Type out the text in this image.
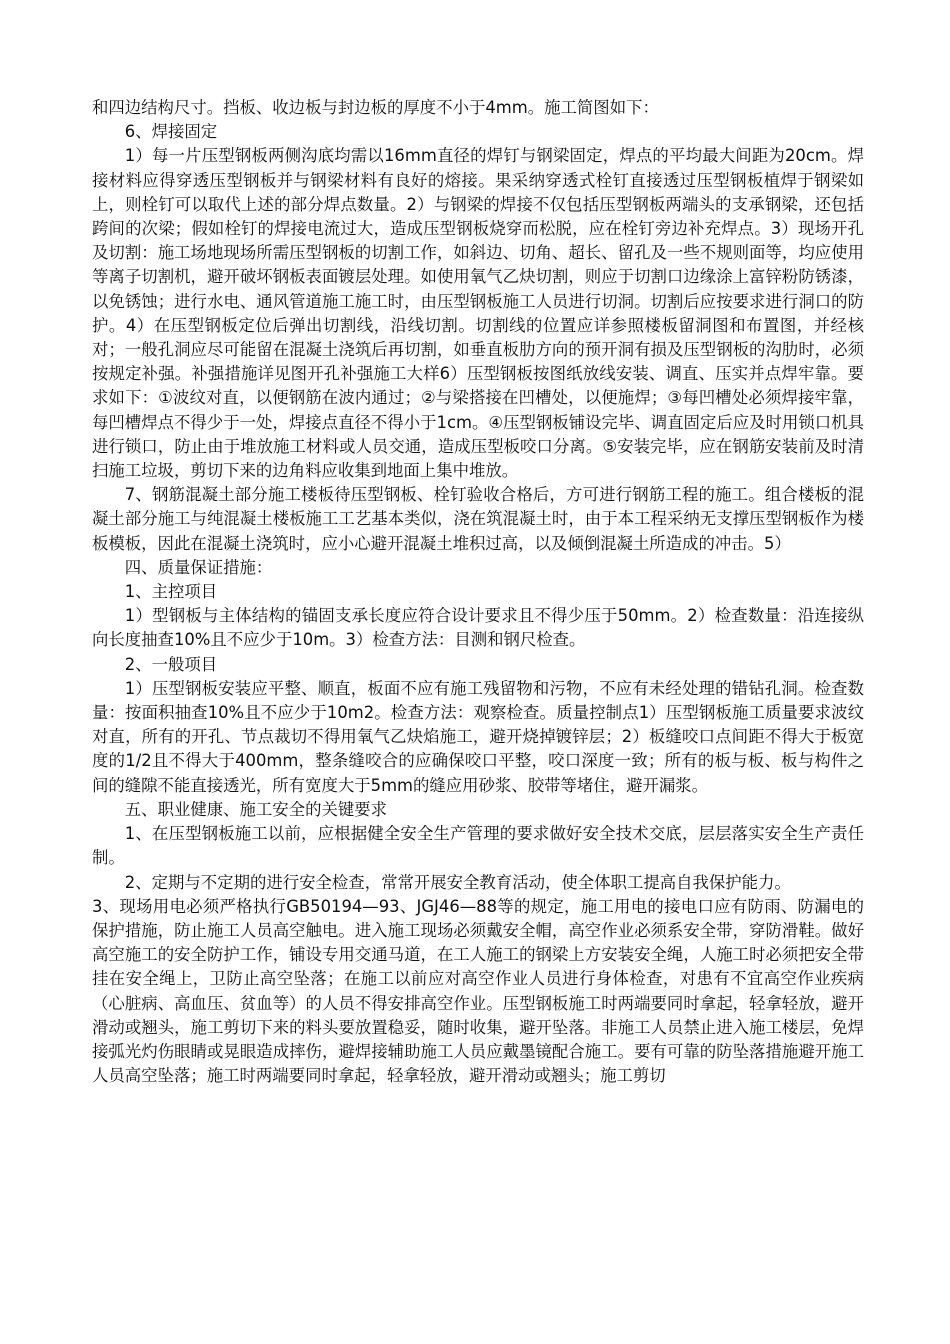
和四边结构尺寸。挡板、收边板与封边板的厚度不小于4mm。施工简图如下：

6、焊接固定

1）每一片压型钢板两侧沟底均需以16mm直径的焊钉与钢梁固定，焊点的平均最大间距为20cm。焊接材料应得穿透压型钢板并与钢梁材料有良好的熔接。果采纳穿透式栓钉直接透过压型钢板植焊于钢梁如上，则栓钉可以取代上述的部分焊点数量。2）与钢梁的焊接不仅包括压型钢板两端头的支承钢梁，还包括跨间的次梁；假如栓钉的焊接电流过大，造成压型钢板烧穿而松脱，应在栓钉旁边补充焊点。3）现场开孔及切割：施工场地现场所需压型钢板的切割工作，如斜边、切角、超长、留孔及一些不规则面等，均应使用等离子切割机，避开破坏钢板表面镀层处理。如使用氧气乙炔切割，则应于切割口边缘涂上富锌粉防锈漆，以免锈蚀；进行水电、通风管道施工施工时，由压型钢板施工人员进行切洞。切割后应按要求进行洞口的防护。4）在压型钢板定位后弹出切割线，沿线切割。切割线的位置应详参照楼板留洞图和布置图，并经核对；一般孔洞应尽可能留在混凝土浇筑后再切割，如垂直板肋方向的预开洞有损及压型钢板的沟肋时，必须按规定补强。补强措施详见图开孔补强施工大样6）压型钢板按图纸放线安装、调直、压实并点焊牢靠。要求如下：①波纹对直，以便钢筋在波内通过；②与梁搭接在凹槽处，以便施焊；③每凹槽处必须焊接牢靠，每凹槽焊点不得少于一处，焊接点直径不得小于1cm。④压型钢板铺设完毕、调直固定后应及时用锁口机具进行锁口，防止由于堆放施工材料或人员交通，造成压型板咬口分离。⑤安装完毕，应在钢筋安装前及时清扫施工垃圾，剪切下来的边角料应收集到地面上集中堆放。

7、钢筋混凝土部分施工楼板待压型钢板、栓钉验收合格后，方可进行钢筋工程的施工。组合楼板的混凝土部分施工与纯混凝土楼板施工工艺基本类似，浇在筑混凝土时，由于本工程采纳无支撑压型钢板作为楼板模板，因此在混凝土浇筑时，应小心避开混凝土堆积过高，以及倾倒混凝土所造成的冲击。5）

四、质量保证措施：

1、主控项目

1）型钢板与主体结构的锚固支承长度应符合设计要求且不得少压于50mm。2）检查数量：沿连接纵向长度抽查10%且不应少于10m。3）检查方法：目测和钢尺检查。

2、一般项目

1）压型钢板安装应平整、顺直，板面不应有施工残留物和污物，不应有未经处理的错钻孔洞。检查数量：按面积抽查10%且不应少于10m2。检查方法：观察检查。质量控制点1）压型钢板施工质量要求波纹对直，所有的开孔、节点裁切不得用氧气乙炔焰施工，避开烧掉镀锌层；2）板缝咬口点间距不得大于板宽度的1/2且不得大于400mm，整条缝咬合的应确保咬口平整，咬口深度一致；所有的板与板、板与构件之间的缝隙不能直接透光，所有宽度大于5mm的缝应用砂浆、胶带等堵住，避开漏浆。

五、职业健康、施工安全的关键要求

1、在压型钢板施工以前，应根据健全安全生产管理的要求做好安全技术交底，层层落实安全生产责任制。

2、定期与不定期的进行安全检查，常常开展安全教育活动，使全体职工提高自我保护能力。

3、现场用电必须严格执行GB50194—93、JGJ46—88等的规定，施工用电的接电口应有防雨、防漏电的保护措施，防止施工人员高空触电。进入施工现场必须戴安全帽，高空作业必须系安全带，穿防滑鞋。做好高空施工的安全防护工作，铺设专用交通马道，在工人施工的钢梁上方安装安全绳，人施工时必须把安全带挂在安全绳上，卫防止高空坠落；在施工以前应对高空作业人员进行身体检查，对患有不宜高空作业疾病（心脏病、高血压、贫血等）的人员不得安排高空作业。压型钢板施工时两端要同时拿起，轻拿轻放，避开滑动或翘头，施工剪切下来的料头要放置稳妥，随时收集，避开坠落。非施工人员禁止进入施工楼层，免焊接弧光灼伤眼睛或晃眼造成摔伤，避焊接辅助施工人员应戴墨镜配合施工。要有可靠的防坠落措施避开施工人员高空坠落；施工时两端要同时拿起，轻拿轻放，避开滑动或翘头；施工剪切
